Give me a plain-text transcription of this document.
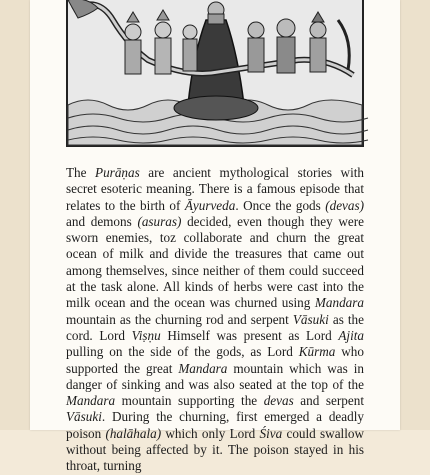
The Purāṇas are ancient mythological stories with secret esoteric meaning. There is a famous episode that relates to the birth of Āyurveda. Once the gods (devas) and demons (asuras) decided, even though they were sworn enemies, toz collaborate and churn the great ocean of milk and divide the treasures that came out among themselves, since neither of them could succeed at the task alone. All kinds of herbs were cast into the milk ocean and the ocean was churned using Mandara mountain as the churning rod and serpent Vāsuki as the cord. Lord Viṣṇu Himself was present as Lord Ajita pulling on the side of the gods, as Lord Kūrma who supported the great Mandara mountain which was in danger of sinking and was also seated at the top of the Mandara mountain supporting the devas and serpent Vāsuki. During the churning, first emerged a deadly poison (halāhala) which only Lord Śiva could swallow without being affected by it. The poison stayed in his throat, turning
